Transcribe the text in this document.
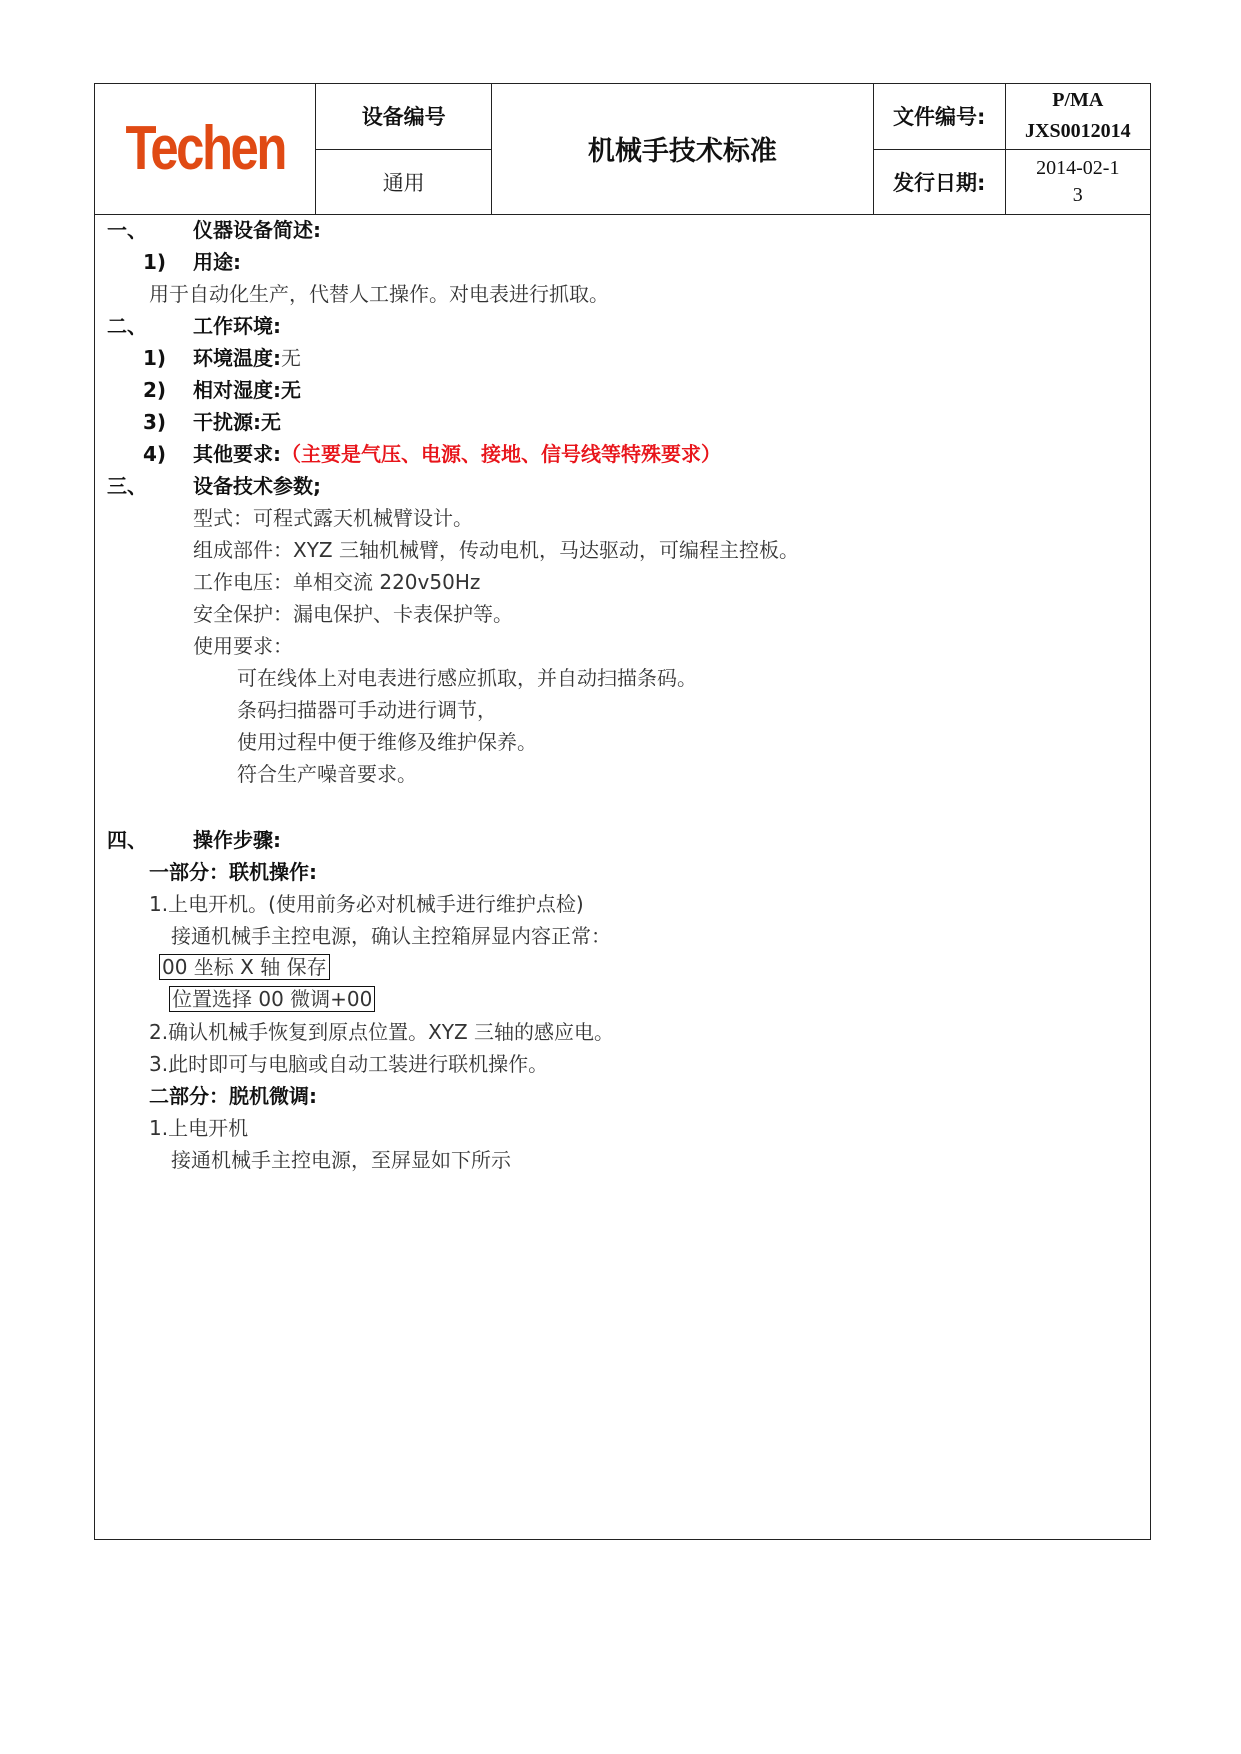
Techen	设备编号	机械手技术标准	文件编号:	P/MA
JXS0012014

	通用		发行日期:	2014-02-1
3
一、 仪器设备简述:
1) 用途:
用于自动化生产，代替人工操作。对电表进行抓取。
二、 工作环境:
1) 环境温度:无
2) 相对湿度:无
3) 干扰源:无
4) 其他要求:（主要是气压、电源、接地、信号线等特殊要求）
三、 设备技术参数;
型式：可程式露天机械臂设计。
组成部件：XYZ 三轴机械臂，传动电机，马达驱动，可编程主控板。
工作电压：单相交流 220v50Hz
安全保护：漏电保护、卡表保护等。
使用要求：
可在线体上对电表进行感应抓取，并自动扫描条码。
条码扫描器可手动进行调节，
使用过程中便于维修及维护保养。
符合生产噪音要求。
四、 操作步骤:
一部分：联机操作:
1.上电开机。(使用前务必对机械手进行维护点检)
接通机械手主控电源，确认主控箱屏显内容正常：
00 坐标 X 轴 保存
位置选择 00 微调+00
2.确认机械手恢复到原点位置。XYZ 三轴的感应电。
3.此时即可与电脑或自动工装进行联机操作。
二部分：脱机微调:
1.上电开机
接通机械手主控电源，至屏显如下所示
